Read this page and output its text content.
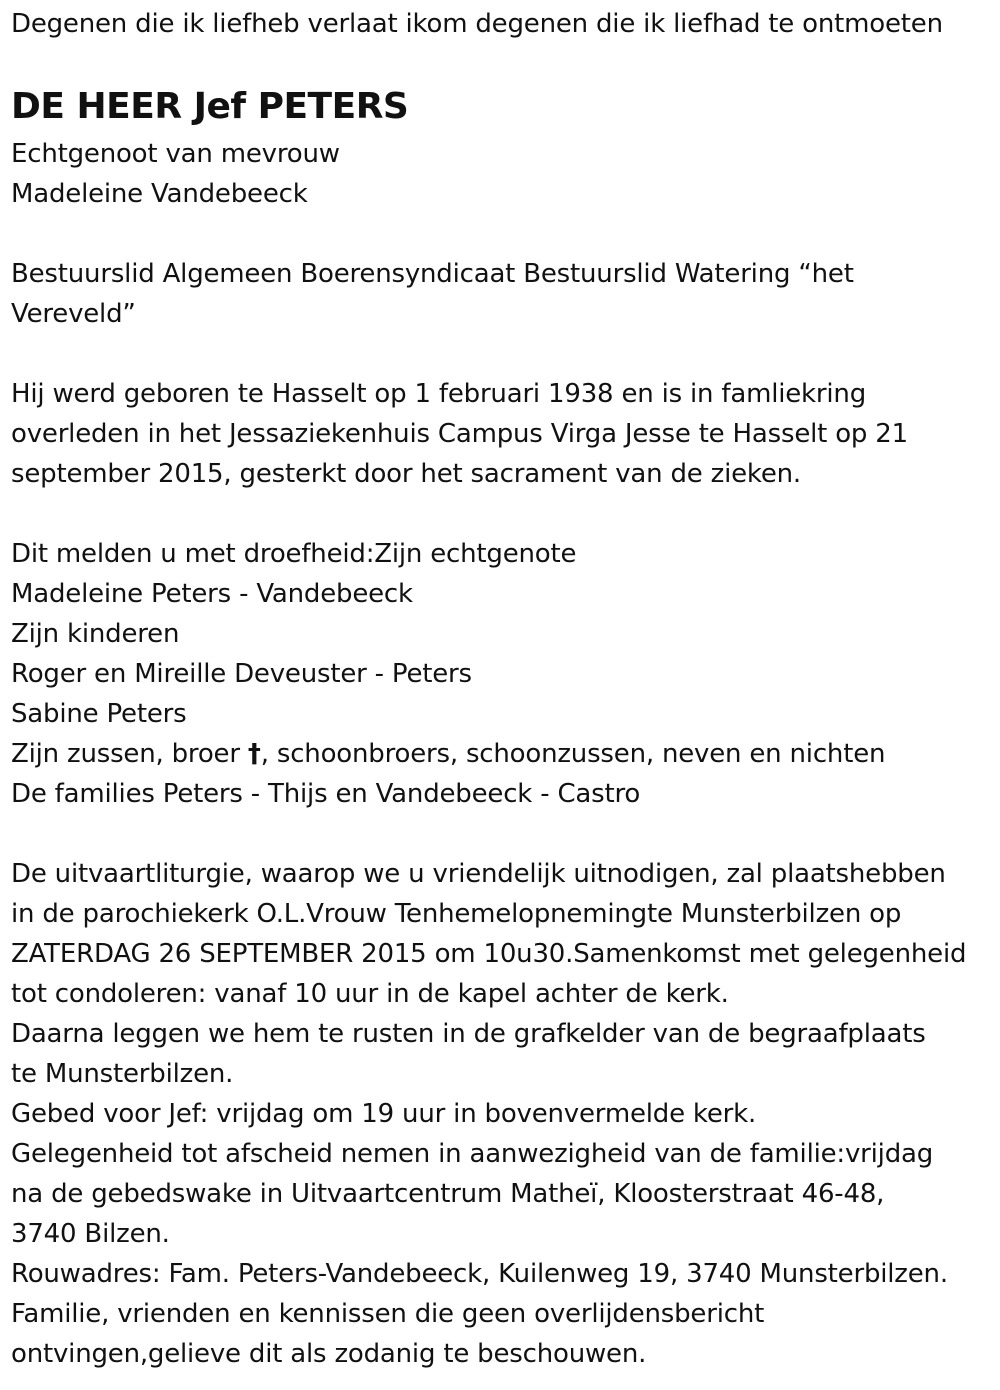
Degenen die ik liefheb verlaat ikom degenen die ik liefhad te ontmoeten
DE HEER Jef PETERS
Echtgenoot van mevrouw
Madeleine Vandebeeck
Bestuurslid Algemeen Boerensyndicaat Bestuurslid Watering “het
Vereveld”
Hij werd geboren te Hasselt op 1 februari 1938 en is in famliekring
overleden in het Jessaziekenhuis Campus Virga Jesse te Hasselt op 21
september 2015, gesterkt door het sacrament van de zieken.
Dit melden u met droefheid:Zijn echtgenote
Madeleine Peters - Vandebeeck
Zijn kinderen
Roger en Mireille Deveuster - Peters
Sabine Peters
Zijn zussen, broer †, schoonbroers, schoonzussen, neven en nichten
De families Peters - Thijs en Vandebeeck - Castro
De uitvaartliturgie, waarop we u vriendelijk uitnodigen, zal plaatshebben
in de parochiekerk O.L.Vrouw Tenhemelopnemingte Munsterbilzen op
ZATERDAG 26 SEPTEMBER 2015 om 10u30.Samenkomst met gelegenheid
tot condoleren: vanaf 10 uur in de kapel achter de kerk.
Daarna leggen we hem te rusten in de grafkelder van de begraafplaats
te Munsterbilzen.
Gebed voor Jef: vrijdag om 19 uur in bovenvermelde kerk.
Gelegenheid tot afscheid nemen in aanwezigheid van de familie:vrijdag
na de gebedswake in Uitvaartcentrum Matheï, Kloosterstraat 46-48,
3740 Bilzen.
Rouwadres: Fam. Peters-Vandebeeck, Kuilenweg 19, 3740 Munsterbilzen.
Familie, vrienden en kennissen die geen overlijdensbericht
ontvingen,gelieve dit als zodanig te beschouwen.
